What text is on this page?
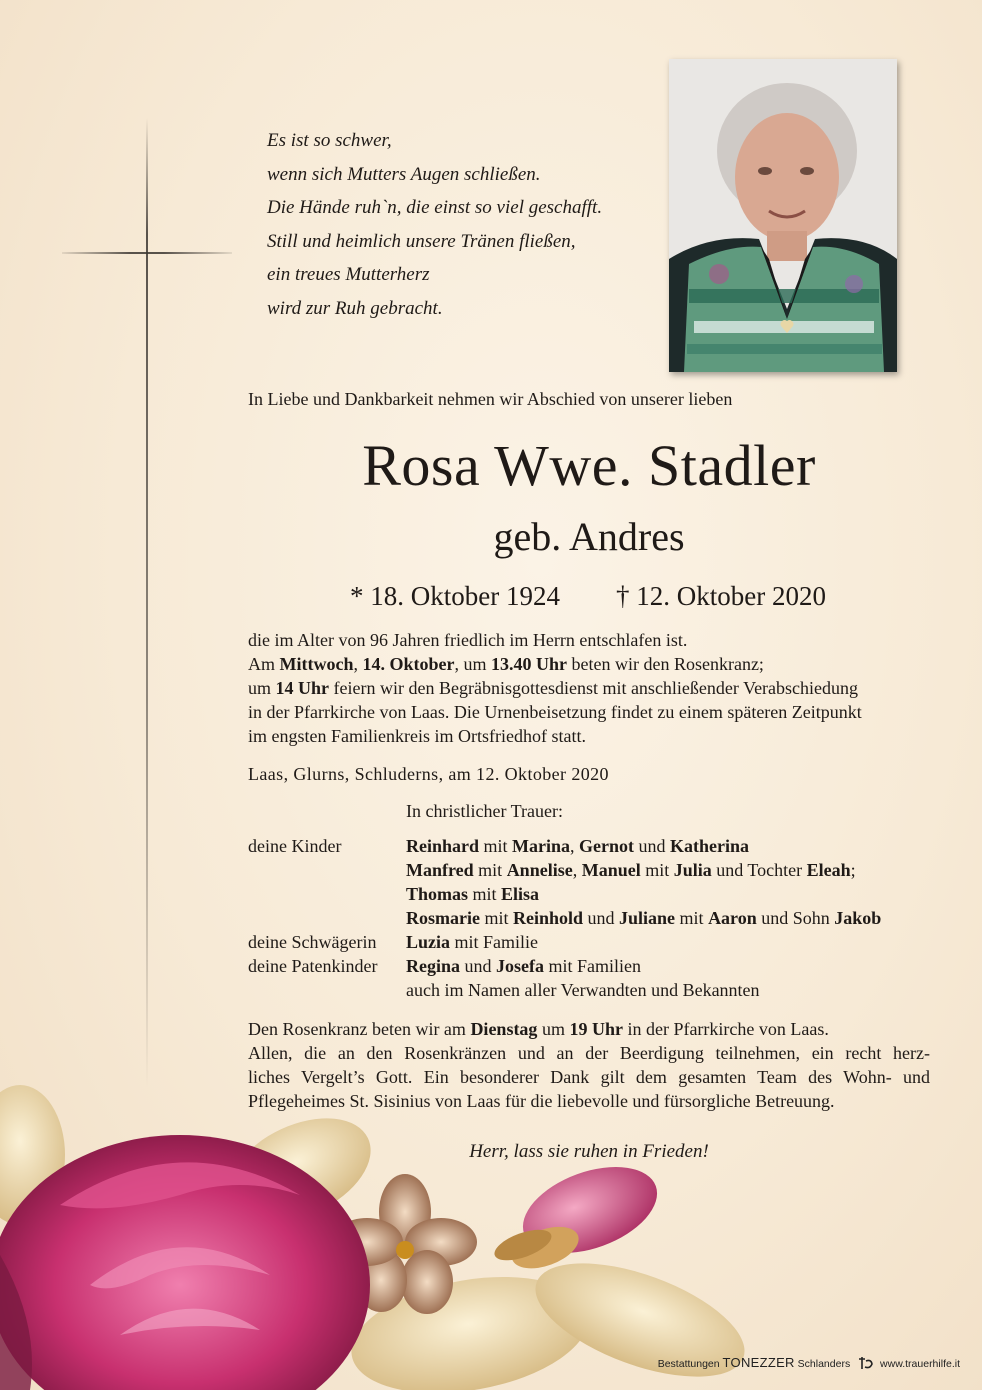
Es ist so schwer,
wenn sich Mutters Augen schließen.
Die Hände ruh`n, die einst so viel geschafft.
Still und heimlich unsere Tränen fließen,
ein treues Mutterherz
wird zur Ruh gebracht.
In Liebe und Dankbarkeit nehmen wir Abschied von unserer lieben
Rosa Wwe. Stadler
geb. Andres
* 18. Oktober 1924 † 12. Oktober 2020
die im Alter von 96 Jahren friedlich im Herrn entschlafen ist.
Am Mittwoch, 14. Oktober, um 13.40 Uhr beten wir den Rosenkranz;
um 14 Uhr feiern wir den Begräbnisgottesdienst mit anschließender Verabschiedung
in der Pfarrkirche von Laas. Die Urnenbeisetzung findet zu einem späteren Zeitpunkt
im engsten Familienkreis im Ortsfriedhof statt.
Laas, Glurns, Schluderns, am 12. Oktober 2020
In christlicher Trauer:
deine Kinder	Reinhard mit Marina, Gernot und Katherina
Manfred mit Annelise, Manuel mit Julia und Tochter Eleah;
Thomas mit Elisa
Rosmarie mit Reinhold und Juliane mit Aaron und Sohn Jakob
deine Schwägerin Luzia mit Familie
deine Patenkinder Regina und Josefa mit Familien
auch im Namen aller Verwandten und Bekannten
Den Rosenkranz beten wir am Dienstag um 19 Uhr in der Pfarrkirche von Laas.
Allen, die an den Rosenkränzen und an der Beerdigung teilnehmen, ein recht herz-
liches Vergelt’s Gott. Ein besonderer Dank gilt dem gesamten Team des Wohn- und
Pflegeheimes St. Sisinius von Laas für die liebevolle und fürsorgliche Betreuung.
Herr, lass sie ruhen in Frieden!
Bestattungen TONEZZER Schlanders	www.trauerhilfe.it
